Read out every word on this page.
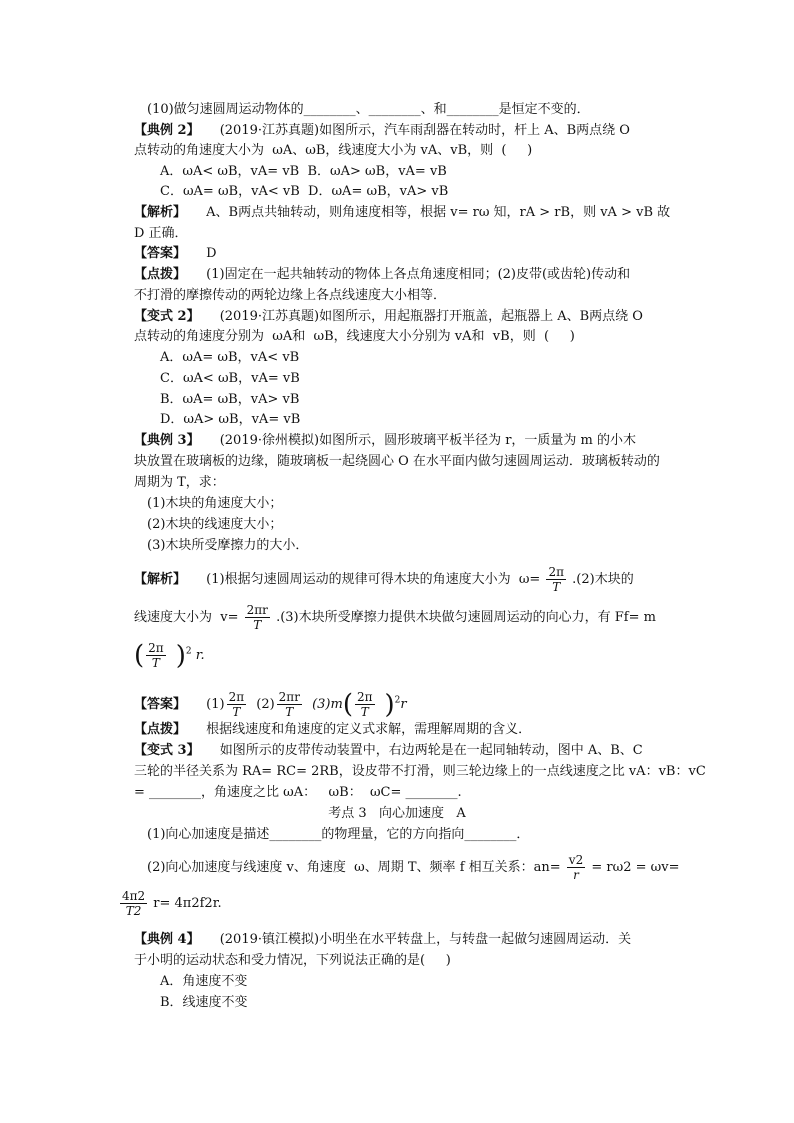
(10)做匀速圆周运动物体的________、________、和________是恒定不变的．
【典例 2】 (2019·江苏真题)如图所示，汽车雨刮器在转动时，杆上 A、B两点绕 O
点转动的角速度大小为  ωA、ωB，线速度大小为 vA、vB，则  (     )
A．ωA< ωB，vA= vB  B．ωA> ωB，vA= vB
C．ωA= ωB，vA< vB  D．ωA= ωB，vA> vB
【解析】 A、B两点共轴转动，则角速度相等，根据 v= rω 知，rA > rB，则 vA > vB 故
D 正确．
【答案】 D
【点拨】 (1)固定在一起共轴转动的物体上各点角速度相同；(2)皮带(或齿轮)传动和
不打滑的摩擦传动的两轮边缘上各点线速度大小相等．
【变式 2】 (2019·江苏真题)如图所示，用起瓶器打开瓶盖，起瓶器上 A、B两点绕 O
点转动的角速度分别为  ωA和  ωB，线速度大小分别为 vA和  vB，则  (     )
A．ωA= ωB，vA< vB
C．ωA< ωB，vA= vB
B．ωA= ωB，vA> vB
D．ωA> ωB，vA= vB
【典例 3】 (2019·徐州模拟)如图所示，圆形玻璃平板半径为 r，一质量为 m 的小木
块放置在玻璃板的边缘，随玻璃板一起绕圆心 O 在水平面内做匀速圆周运动．玻璃板转动的
周期为 T，求：
(1)木块的角速度大小；
(2)木块的线速度大小；
(3)木块所受摩擦力的大小．
【解析】 (1)根据匀速圆周运动的规律可得木块的角速度大小为  $\omega= \frac{2\pi}{T} .(2)$木块的
线速度大小为  $v= \frac{2\pi r}{T} .(3)$木块所受摩擦力提供木块做匀速圆周运动的向心力，有 Ff= m
( $\frac{2\pi}{T} )^2$ r.
【答案】 $(1) \frac{2\pi}{T} (2) \frac{2\pi r}{T} (3)m( \frac{2\pi}{T} )^2r$
【点拨】 根据线速度和角速度的定义式求解，需理解周期的含义．
【变式 3】 如图所示的皮带传动装置中，右边两轮是在一起同轴转动，图中 A、B、C
三轮的半径关系为 RA= RC= 2RB，设皮带不打滑，则三轮边缘上的一点线速度之比 vA：vB：vC
= ________，角速度之比 ωA：   ωB：  ωC= ________.
考点 3   向心加速度   A
(1)向心加速度是描述________的物理量，它的方向指向________．
(2)向心加速度与线速度 v、角速度  ω、周期 T、频率 f 相互关系：$an= \frac{v2}{r} = r\omega 2 = \omega v=$
$\frac{4\pi 2}{T2} r= 4\pi 2f2r$.
【典例 4】 (2019·镇江模拟)小明坐在水平转盘上，与转盘一起做匀速圆周运动．关
于小明的运动状态和受力情况，下列说法正确的是(     )
A．角速度不变
B．线速度不变
